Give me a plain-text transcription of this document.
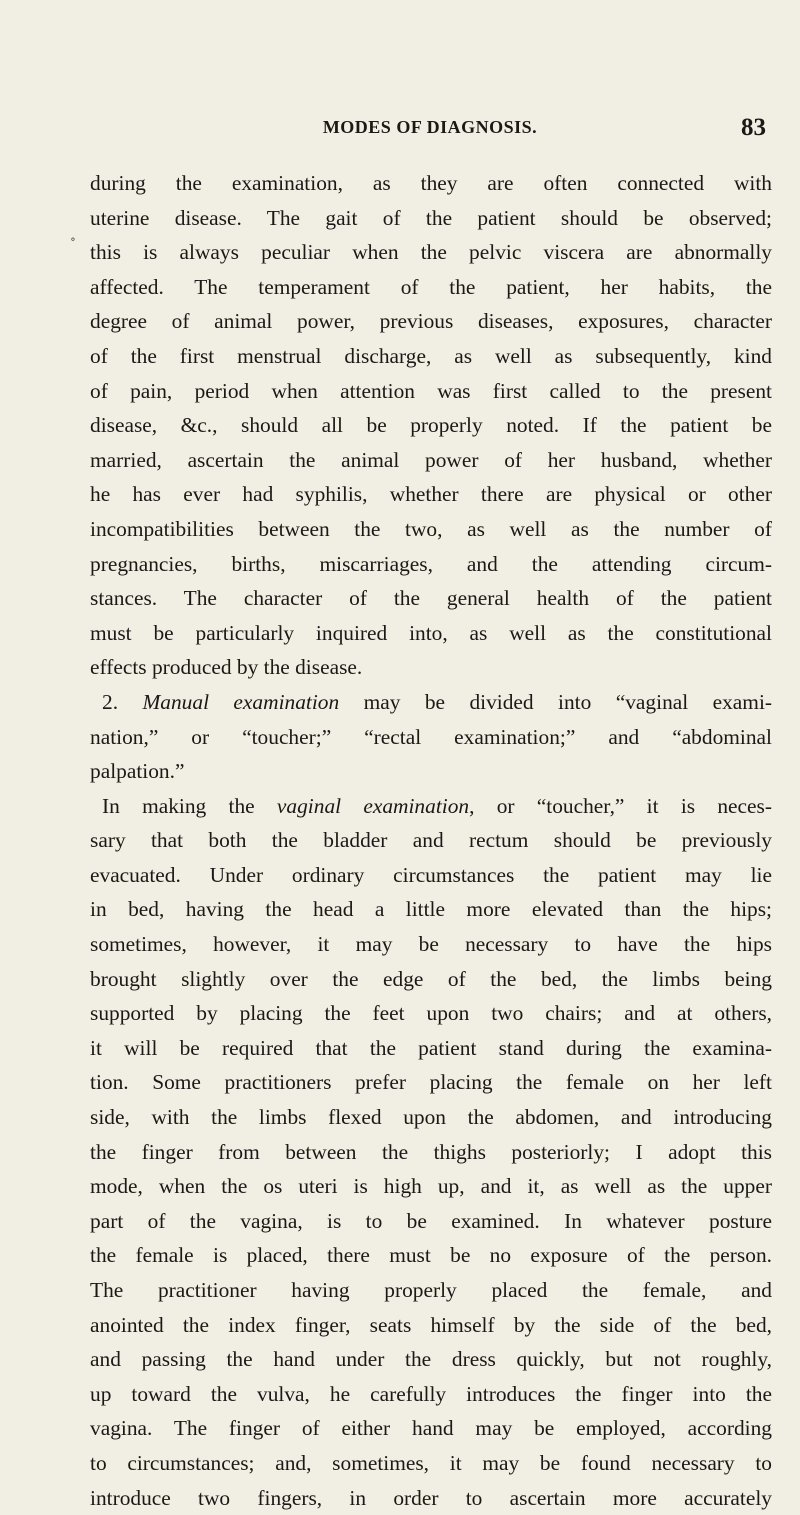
MODES OF DIAGNOSIS.	83
∘
during the examination, as they are often connected with
uterine disease. The gait of the patient should be observed;
this is always peculiar when the pelvic viscera are abnormally
affected. The temperament of the patient, her habits, the
degree of animal power, previous diseases, exposures, character
of the first menstrual discharge, as well as subsequently, kind
of pain, period when attention was first called to the present
disease, &c., should all be properly noted. If the patient be
married, ascertain the animal power of her husband, whether
he has ever had syphilis, whether there are physical or other
incompatibilities between the two, as well as the number of
pregnancies, births, miscarriages, and the attending circum-
stances. The character of the general health of the patient
must be particularly inquired into, as well as the constitutional
effects produced by the disease.
2. Manual examination may be divided into “vaginal exami-
nation,” or “toucher;” “rectal examination;” and “abdominal
palpation.”
In making the vaginal examination, or “toucher,” it is neces-
sary that both the bladder and rectum should be previously
evacuated. Under ordinary circumstances the patient may lie
in bed, having the head a little more elevated than the hips;
sometimes, however, it may be necessary to have the hips
brought slightly over the edge of the bed, the limbs being
supported by placing the feet upon two chairs; and at others,
it will be required that the patient stand during the examina-
tion. Some practitioners prefer placing the female on her left
side, with the limbs flexed upon the abdomen, and introducing
the finger from between the thighs posteriorly; I adopt this
mode, when the os uteri is high up, and it, as well as the upper
part of the vagina, is to be examined. In whatever posture
the female is placed, there must be no exposure of the person.
The practitioner having properly placed the female, and
anointed the index finger, seats himself by the side of the bed,
and passing the hand under the dress quickly, but not roughly,
up toward the vulva, he carefully introduces the finger into the
vagina. The finger of either hand may be employed, according
to circumstances; and, sometimes, it may be found necessary to
introduce two fingers, in order to ascertain more accurately
